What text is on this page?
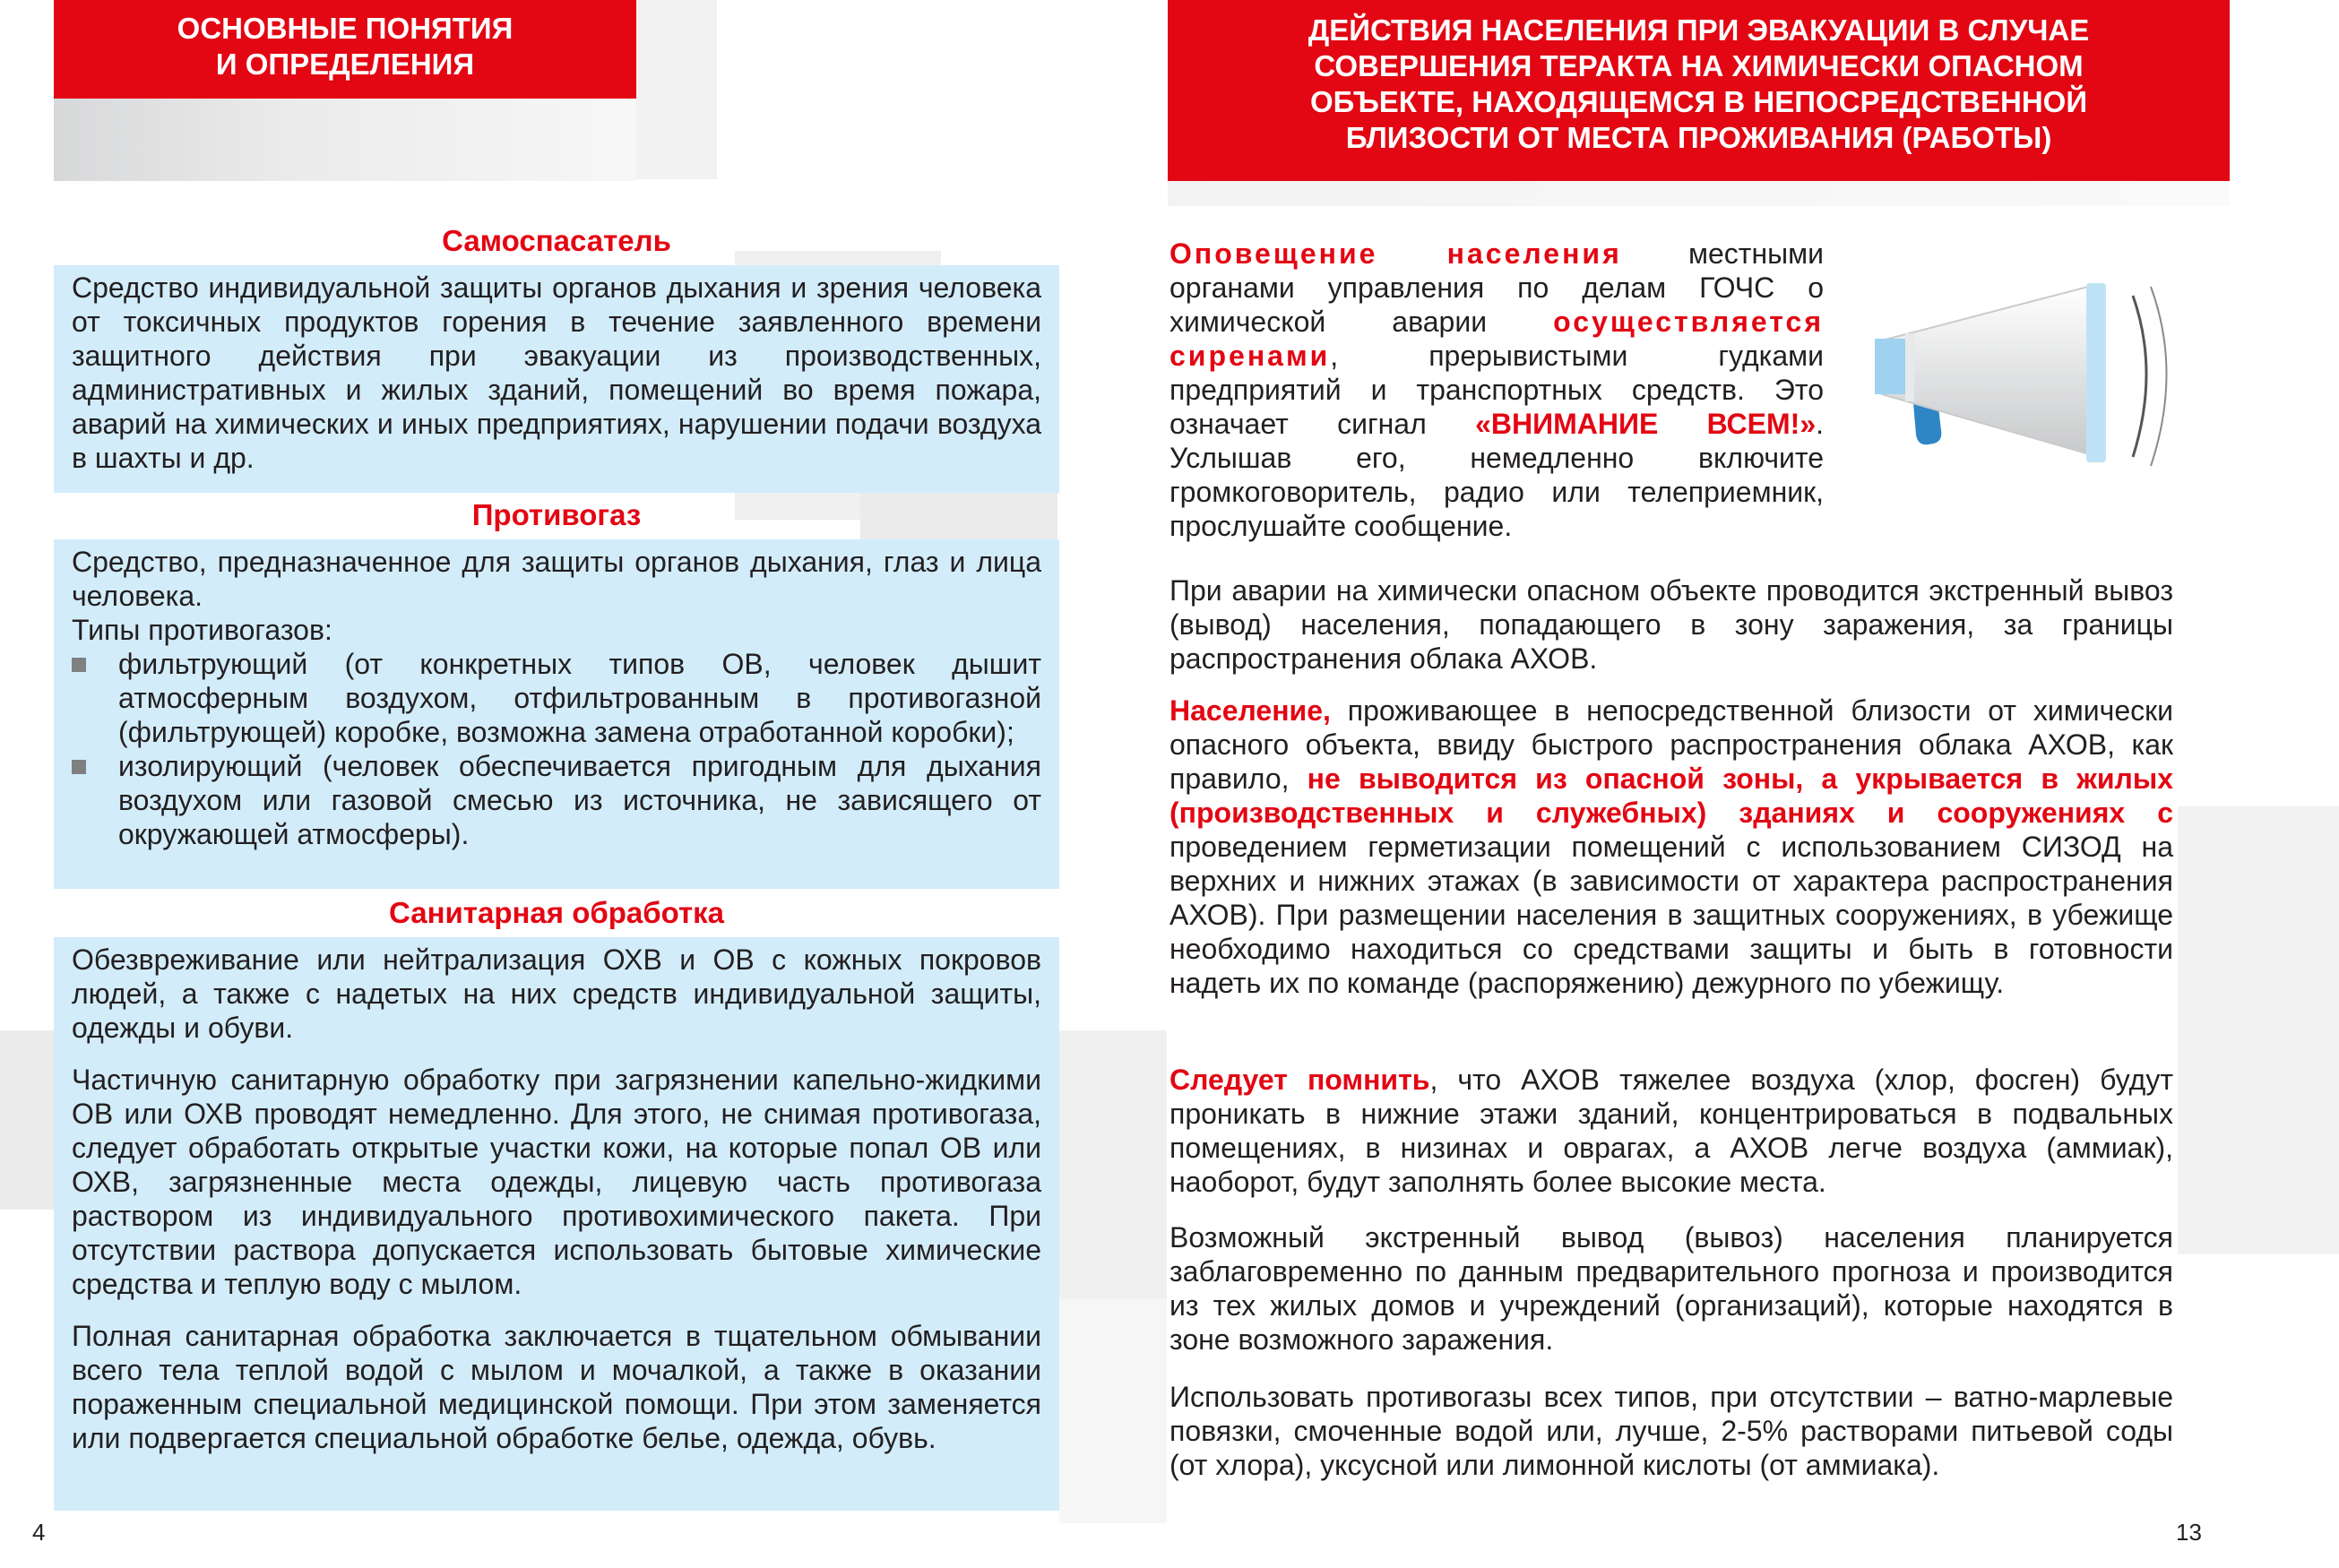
ОСНОВНЫЕ ПОНЯТИЯ
И ОПРЕДЕЛЕНИЯ
Самоспасатель

Средство индивидуальной защиты органов дыхания и зрения человека от токсичных продуктов горения в течение заявленного времени защитного действия при эвакуации из производственных, административных и жилых зданий, помещений во время пожара, аварий на химических и иных предприятиях, нарушении подачи воздуха в шахты и др.

Противогаз

Средство, предназначенное для защиты органов дыхания, глаз и лица человека.

Типы противогазов:

фильтрующий (от конкретных типов ОВ, человек дышит атмосферным воздухом, отфильтрованным в противогазной (фильтрующей) коробке, возможна замена отработанной коробки);

изолирующий (человек обеспечивается пригодным для дыхания воздухом или газовой смесью из источника, не зависящего от окружающей атмосферы).

Санитарная обработка

Обезвреживание или нейтрализация ОХВ и ОВ с кожных покровов людей, а также с надетых на них средств индивидуальной защиты, одежды и обуви.

Частичную санитарную обработку при загрязнении капельно-жидкими ОВ или ОХВ проводят немедленно. Для этого, не снимая противогаза, следует обработать открытые участки кожи, на которые попал ОВ или ОХВ, загрязненные места одежды, лицевую часть противогаза раствором из индивидуального противохимического пакета. При отсутствии раствора допускается использовать бытовые химические средства и теплую воду с мылом.

Полная санитарная обработка заключается в тщательном обмывании всего тела теплой водой с мылом и мочалкой, а также в оказании пораженным специальной медицинской помощи. При этом заменяется или подвергается специальной обработке белье, одежда, обувь.

4
ДЕЙСТВИЯ НАСЕЛЕНИЯ ПРИ ЭВАКУАЦИИ В СЛУЧАЕ
СОВЕРШЕНИЯ ТЕРАКТА НА ХИМИЧЕСКИ ОПАСНОМ
ОБЪЕКТЕ, НАХОДЯЩЕМСЯ В НЕПОСРЕДСТВЕННОЙ
БЛИЗОСТИ ОТ МЕСТА ПРОЖИВАНИЯ (РАБОТЫ)

Оповещение населения местными органами управления по делам ГОЧС о химической аварии осуществляется сиренами, прерывистыми гудками предприятий и транспортных средств. Это означает сигнал «ВНИМАНИЕ ВСЕМ!». Услышав его, немедленно включите громкоговоритель, радио или телеприемник, прослушайте сообщение.

При аварии на химически опасном объекте проводится экстренный вывоз (вывод) населения, попадающего в зону заражения, за границы распространения облака АХОВ.

Население, проживающее в непосредственной близости от химически опасного объекта, ввиду быстрого распространения облака АХОВ, как правило, не выводится из опасной зоны, а укрывается в жилых (производственных и служебных) зданиях и сооружениях с проведением герметизации помещений с использованием СИЗОД на верхних и нижних этажах (в зависимости от характера распространения АХОВ). При размещении населения в защитных сооружениях, в убежище необходимо находиться со средствами защиты и быть в готовности надеть их по команде (распоряжению) дежурного по убежищу.

Следует помнить, что АХОВ тяжелее воздуха (хлор, фосген) будут проникать в нижние этажи зданий, концентрироваться в подвальных помещениях, в низинах и оврагах, а АХОВ легче воздуха (аммиак), наоборот, будут заполнять более высокие места.

Возможный экстренный вывод (вывоз) населения планируется заблаговременно по данным предварительного прогноза и производится из тех жилых домов и учреждений (организаций), которые находятся в зоне возможного заражения.

Использовать противогазы всех типов, при отсутствии – ватно-марлевые повязки, смоченные водой или, лучше, 2-5% растворами питьевой соды (от хлора), уксусной или лимонной кислоты (от аммиака).

13
